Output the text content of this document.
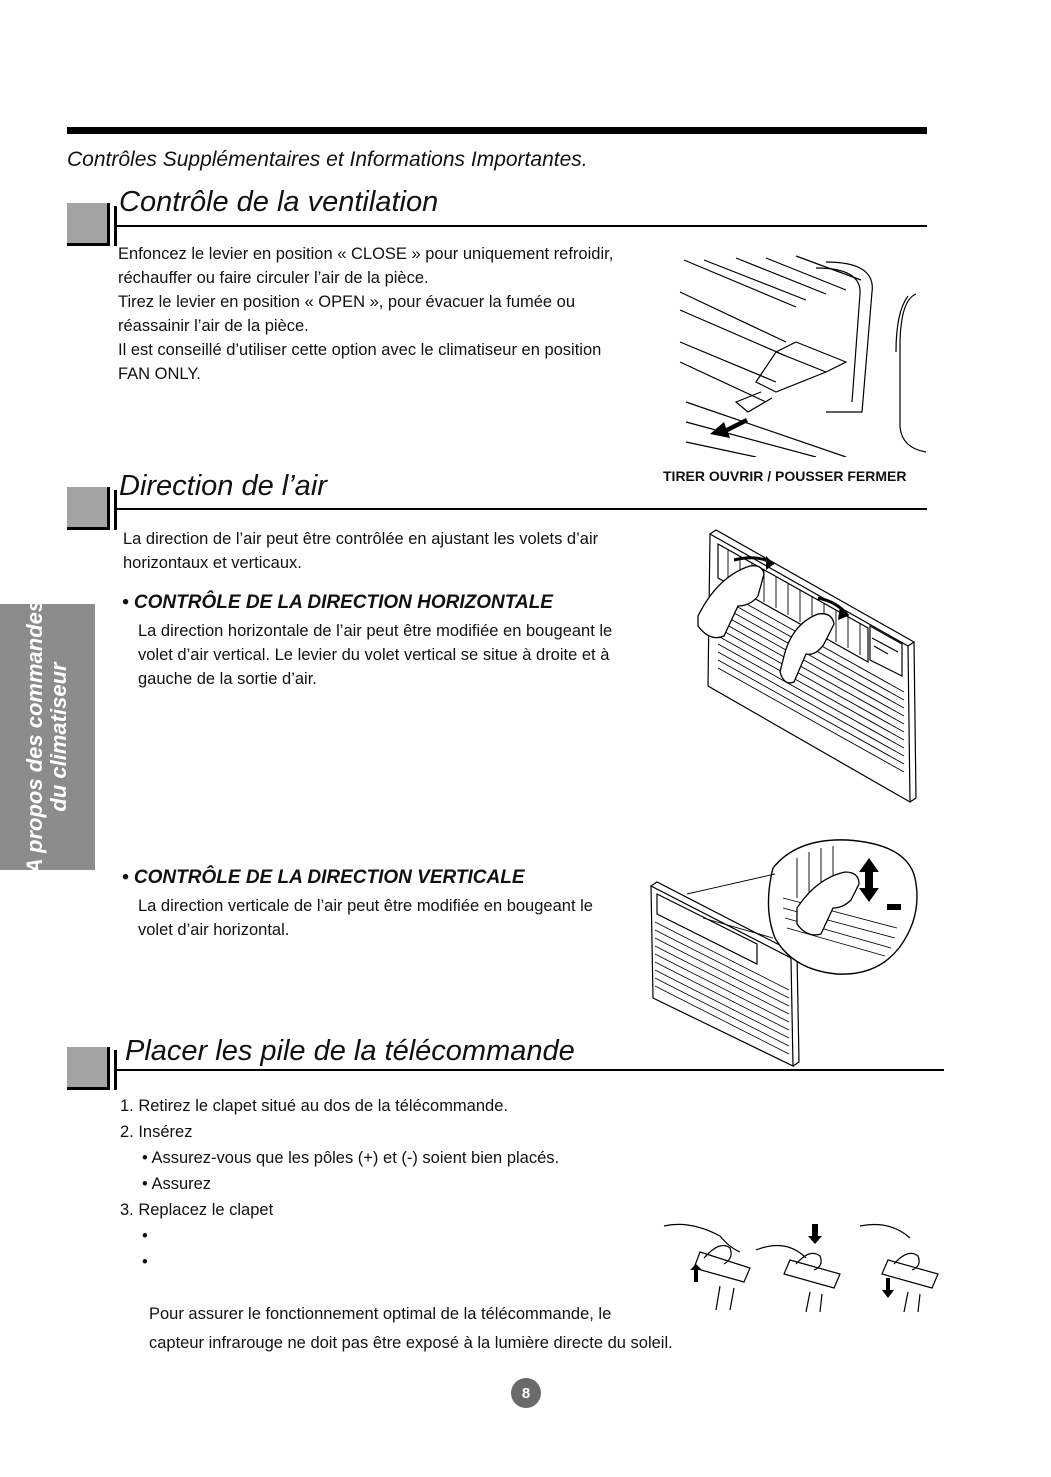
Contrôles Supplémentaires et Informations Importantes.
A propos des commandes du climatiseur
Contrôle de la ventilation
Enfoncez le levier en position « CLOSE » pour uniquement refroidir,
réchauffer ou faire circuler l’air de la pièce.
Tirez le levier en position « OPEN », pour évacuer la fumée ou
réassainir l’air de la pièce.
Il est conseillé d’utiliser cette option avec le climatiseur en position
FAN ONLY.
TIRER OUVRIR / POUSSER FERMER
Direction de l’air
La direction de l’air peut être contrôlée en ajustant les volets d’air
horizontaux et verticaux.
• CONTRÔLE DE LA DIRECTION HORIZONTALE
La direction horizontale de l’air peut être modifiée en bougeant le
volet d’air vertical. Le levier du volet vertical se situe à droite et à
gauche de la sortie d’air.
• CONTRÔLE DE LA DIRECTION VERTICALE
La direction verticale de l’air peut être modifiée en bougeant le
volet d’air horizontal.
Placer les pile de la télécommande
1. Retirez le clapet situé au dos de la télécommande.
2. Insérez
• Assurez-vous que les pôles (+) et (-) soient bien placés.
• Assurez
3. Replacez le clapet
•
•
Pour assurer le fonctionnement optimal de la télécommande, le
capteur infrarouge ne doit pas être exposé à la lumière directe du soleil.
8
